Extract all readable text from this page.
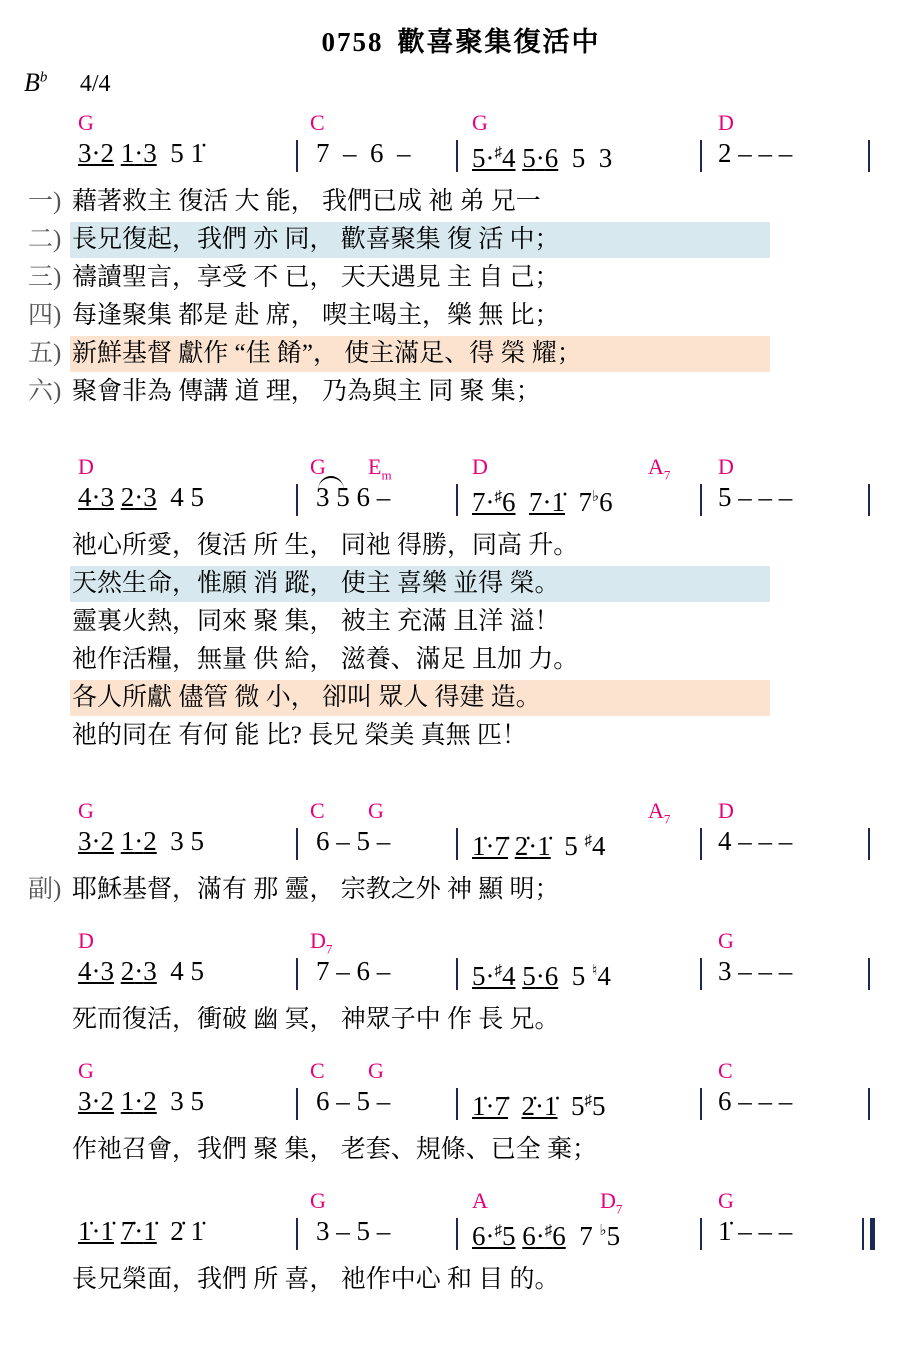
0758 歡喜聚集復活中
$B^b$ 4/4
G	C	G	D
3·2 1·3  5 1̇	7  –  6  – 5·♯4 5·6  5  3	2 – – –
一) 藉著救主 復活 大 能， 我們已成 祂 弟 兄一
二) 長兄復起，我們 亦 同， 歡喜聚集 復 活 中；
三) 禱讀聖言，享受 不 已， 天天遇見 主 自 己；
四) 每逢聚集 都是 赴 席， 喫主喝主，樂 無 比；
五) 新鮮基督 獻作 “佳 餚”， 使主滿足、得 榮 耀；
六) 聚會非為 傳講 道 理， 乃為與主 同 聚 集；
D	G $E_m$	D	$A_7$ D
4·3 2·3  4 5	3 5 6 –	7·♯6 7·1̇  7♭6	5 – – –
祂心所愛，復活 所 生， 同祂 得勝，同高 升。
天然生命，惟願 消 蹤， 使主 喜樂 並得 榮。
靈裏火熱，同來 聚 集， 被主 充滿 且洋 溢！
祂作活糧，無量 供 給， 滋養、滿足 且加 力。
各人所獻 儘管 微 小， 卻叫 眾人 得建 造。
祂的同在 有何 能 比? 長兄 榮美 真無 匹！
G	C G	$A_7$ D
3·2 1·2  3 5	6 – 5 –	1̇·7̇ 2̇·1̇  5 ♯4	4 – – –
副) 耶穌基督，滿有 那 靈， 宗教之外 神 顯 明；
D	$D_7$	G
4·3 2·3  4 5	7 – 6 –	5·♯4 5·6  5 ♮4	3 – – –
死而復活，衝破 幽 冥， 神眾子中 作 長 兄。
G	C G	C
3·2 1·2  3 5	6 – 5 –	1̇·7̇ 2̇·1̇  5♯5	6 – – –
作祂召會，我們 聚 集， 老套、規條、已全 棄；
G	A	$D_7$	G
1̇·1̇ 7̇·1̇  2̇ 1̇	3 – 5 –	6·♯5 6·♯6  7 ♭5	1̇ – – –
長兄榮面，我們 所 喜， 祂作中心 和 目 的。
